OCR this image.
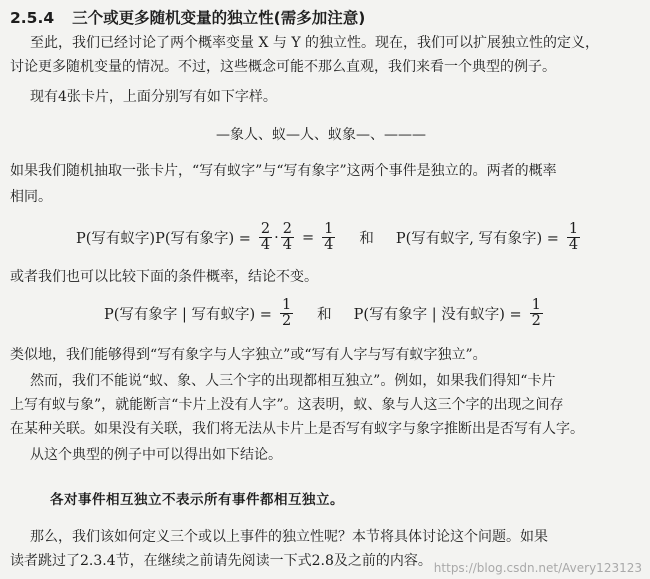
2.5.4 三个或更多随机变量的独立性(需多加注意)
至此，我们已经讨论了两个概率变量 X 与 Y 的独立性。现在，我们可以扩展独立性的定义，
讨论更多随机变量的情况。不过，这些概念可能不那么直观，我们来看一个典型的例子。
现有4张卡片，上面分别写有如下字样。
—象人、蚁—人、蚁象—、———
如果我们随机抽取一张卡片，“写有蚁字”与“写有象字”这两个事件是独立的。两者的概率
相同。
P(写有蚁字)P(写有象字) = $\frac{2}{4} \cdot \frac{2}{4} = \frac{1}{4}$ 和 P(写有蚁字, 写有象字) = $\frac{1}{4}$
或者我们也可以比较下面的条件概率，结论不变。
P(写有象字 | 写有蚁字) = $\frac{1}{2}$ 和 P(写有象字 | 没有蚁字) = $\frac{1}{2}$
类似地，我们能够得到“写有象字与人字独立”或“写有人字与写有蚁字独立”。
然而，我们不能说“蚁、象、人三个字的出现都相互独立”。例如，如果我们得知“卡片
上写有蚁与象”，就能断言“卡片上没有人字”。这表明，蚁、象与人这三个字的出现之间存
在某种关联。如果没有关联，我们将无法从卡片上是否写有蚁字与象字推断出是否写有人字。
从这个典型的例子中可以得出如下结论。
各对事件相互独立不表示所有事件都相互独立。
那么，我们该如何定义三个或以上事件的独立性呢？本节将具体讨论这个问题。如果
读者跳过了2.3.4节，在继续之前请先阅读一下式2.8及之前的内容。 https://blog.csdn.net/Avery123123
